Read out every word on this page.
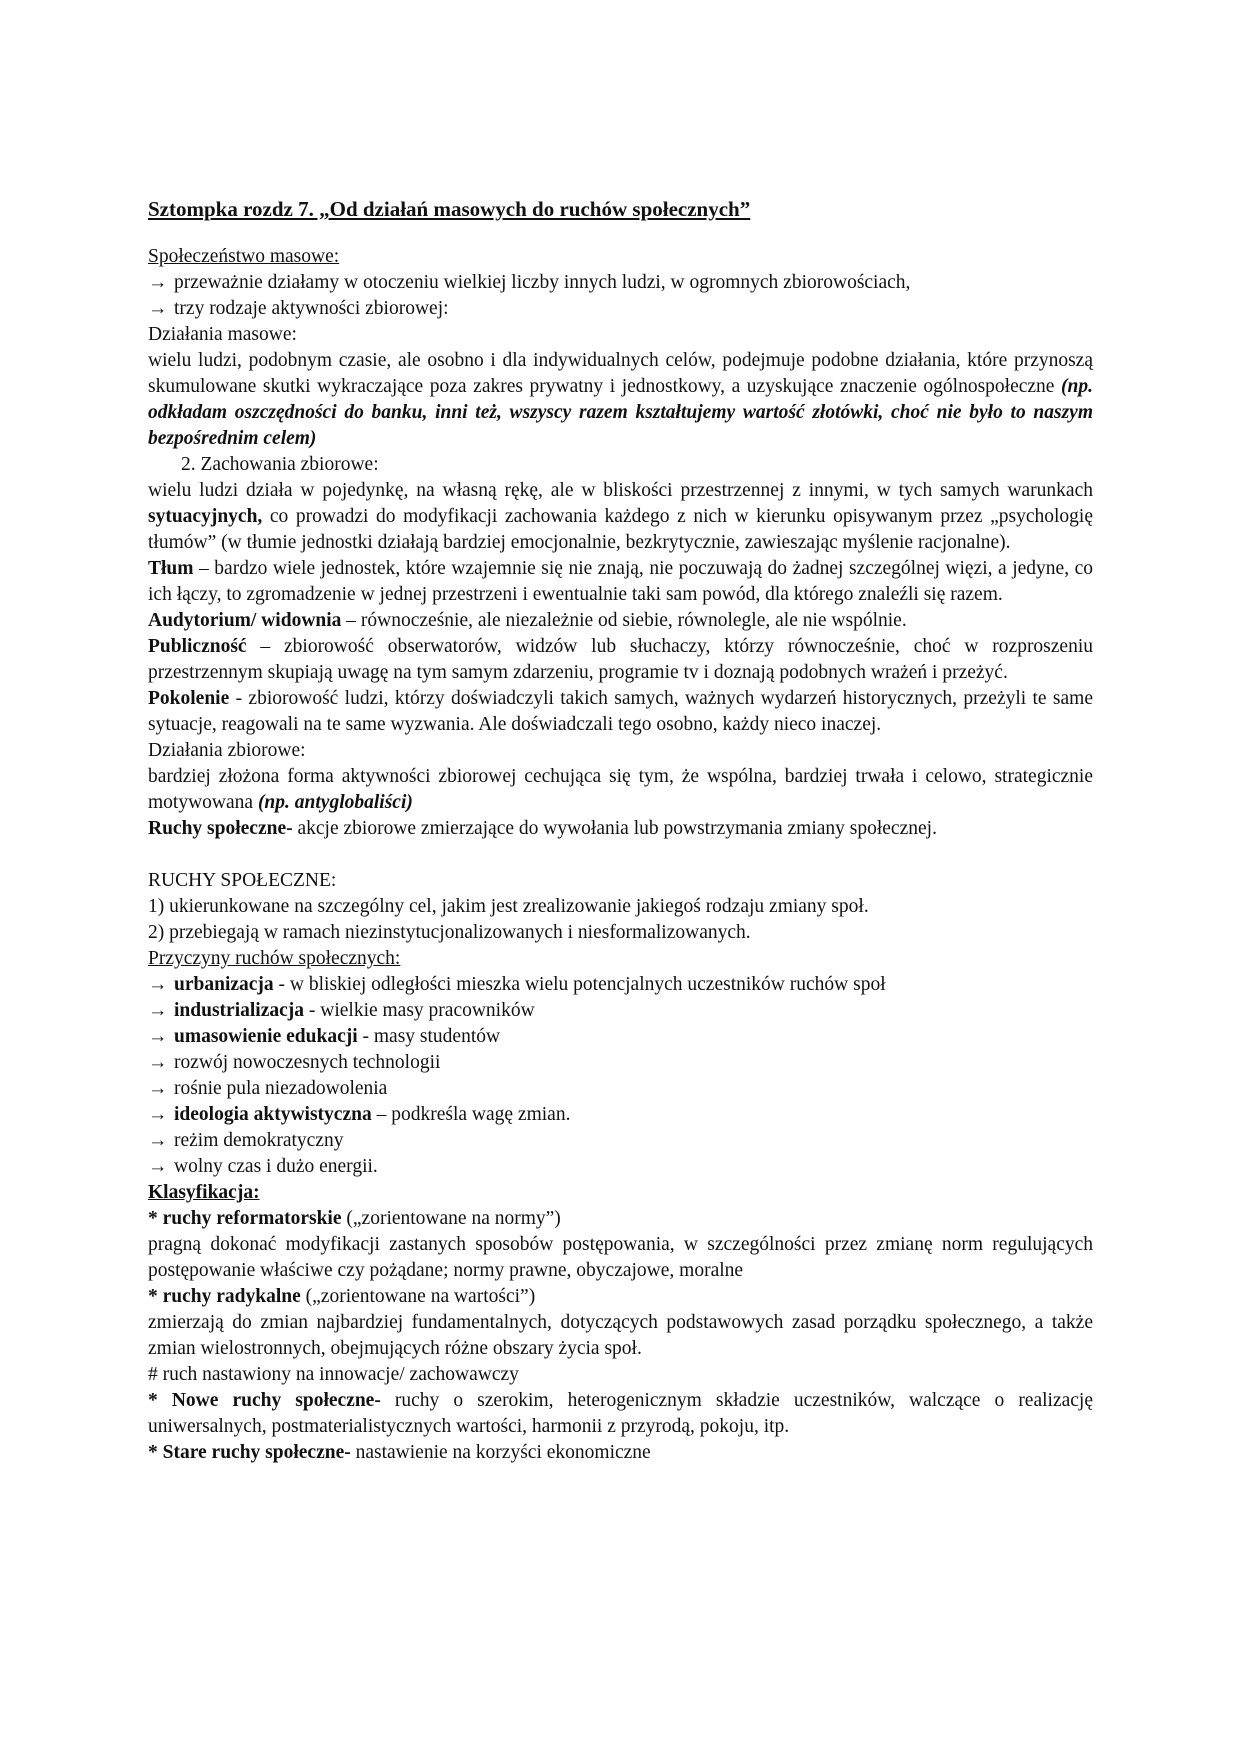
Sztompka rozdz 7. „Od działań masowych do ruchów społecznych”

Społeczeństwo masowe:

→ przeważnie działamy w otoczeniu wielkiej liczby innych ludzi, w ogromnych zbiorowościach,

→ trzy rodzaje aktywności zbiorowej:

Działania masowe:

wielu ludzi, podobnym czasie, ale osobno i dla indywidualnych celów, podejmuje podobne działania, które przynoszą skumulowane skutki wykraczające poza zakres prywatny i jednostkowy, a uzyskujące znaczenie ogólnospołeczne (np. odkładam oszczędności do banku, inni też, wszyscy razem kształtujemy wartość złotówki, choć nie było to naszym bezpośrednim celem)

2. Zachowania zbiorowe:

wielu ludzi działa w pojedynkę, na własną rękę, ale w bliskości przestrzennej z innymi, w tych samych warunkach sytuacyjnych, co prowadzi do modyfikacji zachowania każdego z nich w kierunku opisywanym przez „psychologię tłumów” (w tłumie jednostki działają bardziej emocjonalnie, bezkrytycznie, zawieszając myślenie racjonalne).

Tłum – bardzo wiele jednostek, które wzajemnie się nie znają, nie poczuwają do żadnej szczególnej więzi, a jedyne, co ich łączy, to zgromadzenie w jednej przestrzeni i ewentualnie taki sam powód, dla którego znaleźli się razem.

Audytorium/ widownia – równocześnie, ale niezależnie od siebie, równolegle, ale nie wspólnie.

Publiczność – zbiorowość obserwatorów, widzów lub słuchaczy, którzy równocześnie, choć w rozproszeniu przestrzennym skupiają uwagę na tym samym zdarzeniu, programie tv i doznają podobnych wrażeń i przeżyć.

Pokolenie - zbiorowość ludzi, którzy doświadczyli takich samych, ważnych wydarzeń historycznych, przeżyli te same sytuacje, reagowali na te same wyzwania. Ale doświadczali tego osobno, każdy nieco inaczej.

Działania zbiorowe:

bardziej złożona forma aktywności zbiorowej cechująca się tym, że wspólna, bardziej trwała i celowo, strategicznie motywowana (np. antyglobaliści)

Ruchy społeczne- akcje zbiorowe zmierzające do wywołania lub powstrzymania zmiany społecznej.

RUCHY SPOŁECZNE:

1) ukierunkowane na szczególny cel, jakim jest zrealizowanie jakiegoś rodzaju zmiany społ.

2) przebiegają w ramach niezinstytucjonalizowanych i niesformalizowanych.

Przyczyny ruchów społecznych:

→ urbanizacja - w bliskiej odległości mieszka wielu potencjalnych uczestników ruchów społ

→ industrializacja - wielkie masy pracowników

→ umasowienie edukacji - masy studentów

→ rozwój nowoczesnych technologii

→ rośnie pula niezadowolenia

→ ideologia aktywistyczna – podkreśla wagę zmian.

→ reżim demokratyczny

→ wolny czas i dużo energii.

Klasyfikacja:

* ruchy reformatorskie („zorientowane na normy”)

pragną dokonać modyfikacji zastanych sposobów postępowania, w szczególności przez zmianę norm regulujących postępowanie właściwe czy pożądane; normy prawne, obyczajowe, moralne

* ruchy radykalne („zorientowane na wartości”)

zmierzają do zmian najbardziej fundamentalnych, dotyczących podstawowych zasad porządku społecznego, a także zmian wielostronnych, obejmujących różne obszary życia społ.

# ruch nastawiony na innowacje/ zachowawczy

* Nowe ruchy społeczne- ruchy o szerokim, heterogenicznym składzie uczestników, walczące o realizację uniwersalnych, postmaterialistycznych wartości, harmonii z przyrodą, pokoju, itp.

* Stare ruchy społeczne- nastawienie na korzyści ekonomiczne
